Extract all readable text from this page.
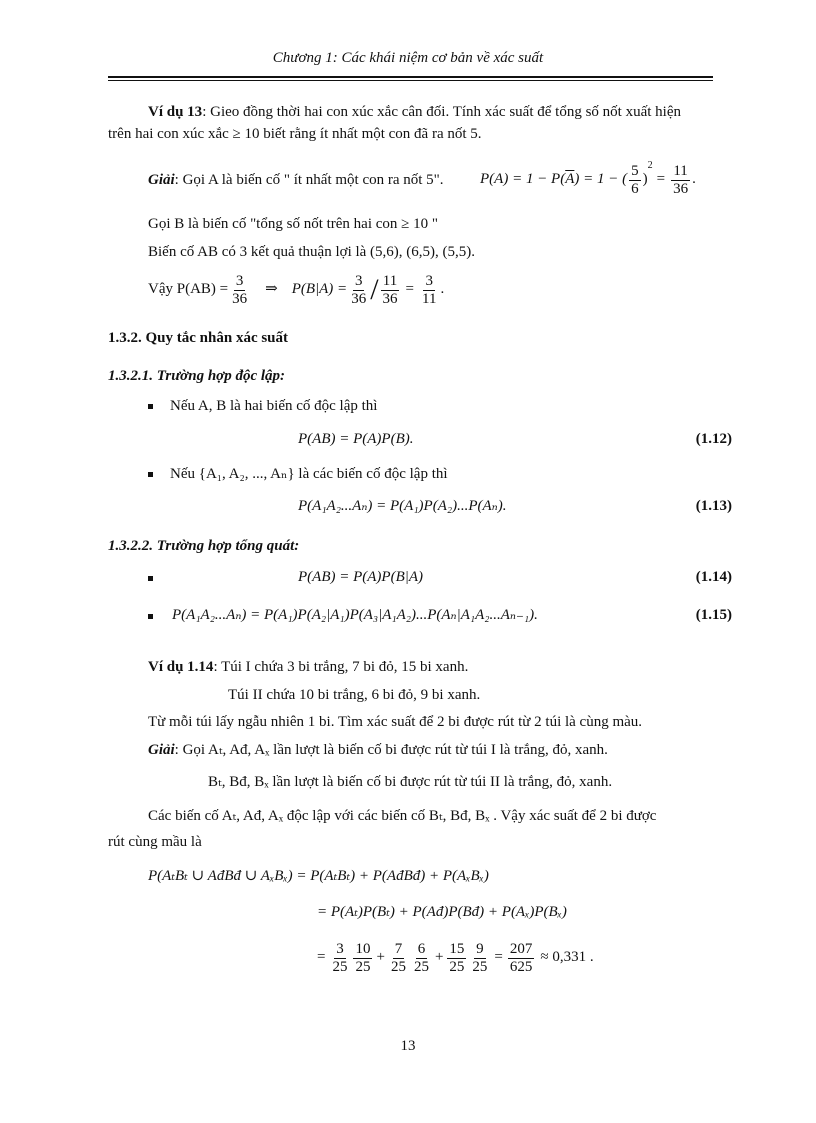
Chương 1: Các khái niệm cơ bản về xác suất
Ví dụ 13: Gieo đồng thời hai con xúc xắc cân đối. Tính xác suất để tổng số nốt xuất hiện
trên hai con xúc xắc ≥ 10 biết rằng ít nhất một con đã ra nốt 5.
Giải: Gọi A là biến cố " ít nhất một con ra nốt 5". P(A) = 1 − P( $\overline{A}$ ) = 1 − ( $\frac{5}{6}$ )
$^2$
= $\frac{11}{36}$ .
Gọi B là biến cố "tổng số nốt trên hai con ≥ 10 "
Biến cố AB có 3 kết quả thuận lợi là (5,6), (6,5), (5,5).
Vậy $P(AB) = \frac{3}{36}$ ⇒ $P(B|A) = \frac{3}{36} / \frac{11}{36} = \frac{3}{11}$ .
1.3.2. Quy tắc nhân xác suất
1.3.2.1. Trường hợp độc lập:
Nếu A, B là hai biến cố độc lập thì
P(AB) = P(A)P(B).	(1.12)
Nếu {A₁, A₂, ..., Aₙ} là các biến cố độc lập thì
P(A₁A₂...Aₙ) = P(A₁)P(A₂)...P(Aₙ).	(1.13)
1.3.2.2. Trường hợp tổng quát:
P(AB) = P(A)P(B|A)	(1.14)
P(A₁A₂...Aₙ) = P(A₁)P(A₂|A₁)P(A₃|A₁A₂)...P(Aₙ|A₁A₂...Aₙ₋₁).	(1.15)
Ví dụ 1.14: Túi I chứa 3 bi trắng, 7 bi đỏ, 15 bi xanh.
Túi II chứa 10 bi trắng, 6 bi đỏ, 9 bi xanh.
Từ mỗi túi lấy ngẫu nhiên 1 bi. Tìm xác suất để 2 bi được rút từ 2 túi là cùng màu.
Giải: Gọi Aₜ, Ađ, Aₓ lần lượt là biến cố bi được rút từ túi I là trắng, đỏ, xanh.
Bₜ, Bđ, Bₓ lần lượt là biến cố bi được rút từ túi II là trắng, đỏ, xanh.
Các biến cố Aₜ, Ađ, Aₓ độc lập với các biến cố Bₜ, Bđ, Bₓ . Vậy xác suất để 2 bi được
rút cùng mầu là
P(AₜBₜ ∪ AđBđ ∪ AₓBₓ) = P(AₜBₜ) + P(AđBđ) + P(AₓBₓ)
= P(Aₜ)P(Bₜ) + P(Ađ)P(Bđ) + P(Aₓ)P(Bₓ)
= $\frac{3}{25} \frac{10}{25} + \frac{7}{25} \frac{6}{25} + \frac{15}{25} \frac{9}{25} = \frac{207}{625} \approx 0,331$ .
13
